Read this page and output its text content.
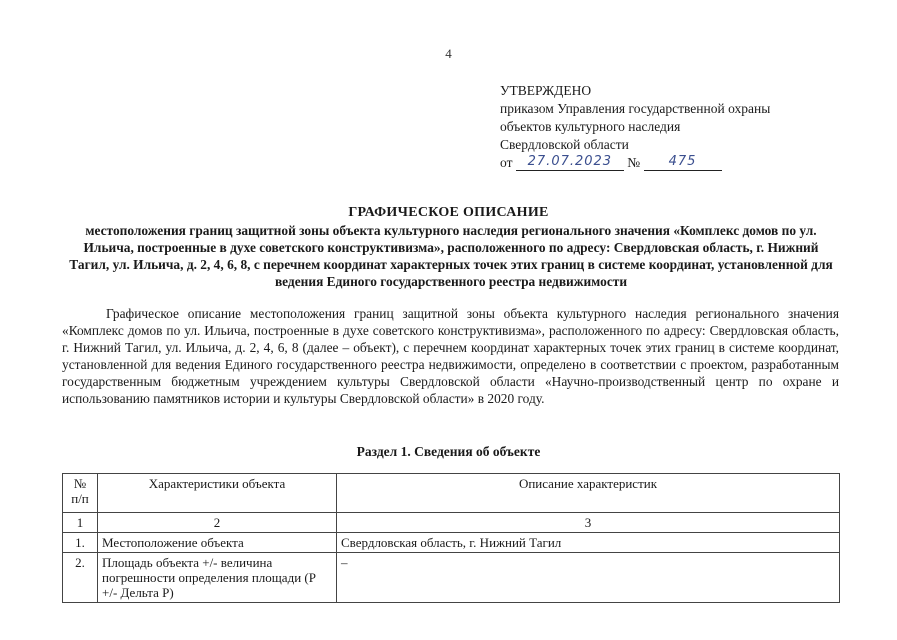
4
УТВЕРЖДЕНО
приказом Управления государственной охраны
объектов культурного наследия
Свердловской области
от 27.07.2023 № 475
ГРАФИЧЕСКОЕ ОПИСАНИЕ
местоположения границ защитной зоны объекта культурного наследия регионального значения «Комплекс домов по ул. Ильича, построенные в духе советского конструктивизма», расположенного по адресу: Свердловская область, г. Нижний Тагил, ул. Ильича, д. 2, 4, 6, 8, с перечнем координат характерных точек этих границ в системе координат, установленной для ведения Единого государственного реестра недвижимости
Графическое описание местоположения границ защитной зоны объекта культурного наследия регионального значения «Комплекс домов по ул. Ильича, построенные в духе советского конструктивизма», расположенного по адресу: Свердловская область, г. Нижний Тагил, ул. Ильича, д. 2, 4, 6, 8 (далее – объект), с перечнем координат характерных точек этих границ в системе координат, установленной для ведения Единого государственного реестра недвижимости, определено в соответствии с проектом, разработанным государственным бюджетным учреждением культуры Свердловской области «Научно-производственный центр по охране и использованию памятников истории и культуры Свердловской области» в 2020 году.
Раздел 1. Сведения об объекте
№ п/п	Характеристики объекта	Описание характеристик
1	2	3
1.	Местоположение объекта	Свердловская область, г. Нижний Тагил
2.	Площадь объекта +/- величина погрешности определения площади (Р +/- Дельта Р)	–
